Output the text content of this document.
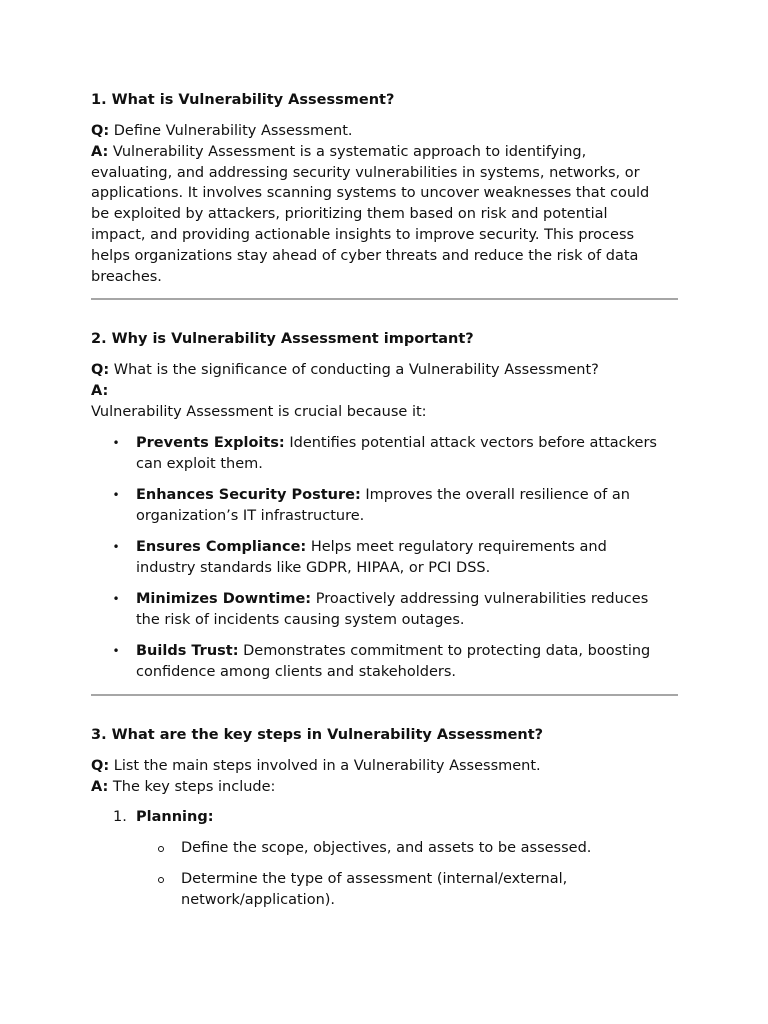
1. What is Vulnerability Assessment?

Q: Define Vulnerability Assessment.

A: Vulnerability Assessment is a systematic approach to identifying,

evaluating, and addressing security vulnerabilities in systems, networks, or

applications. It involves scanning systems to uncover weaknesses that could

be exploited by attackers, prioritizing them based on risk and potential

impact, and providing actionable insights to improve security. This process

helps organizations stay ahead of cyber threats and reduce the risk of data

breaches.

2. Why is Vulnerability Assessment important?

Q: What is the significance of conducting a Vulnerability Assessment?

A:

Vulnerability Assessment is crucial because it:

• Prevents Exploits: Identifies potential attack vectors before attackers
can exploit them.
• Enhances Security Posture: Improves the overall resilience of an
organization’s IT infrastructure.
• Ensures Compliance: Helps meet regulatory requirements and
industry standards like GDPR, HIPAA, or PCI DSS.
• Minimizes Downtime: Proactively addressing vulnerabilities reduces
the risk of incidents causing system outages.
• Builds Trust: Demonstrates commitment to protecting data, boosting
confidence among clients and stakeholders.

3. What are the key steps in Vulnerability Assessment?

Q: List the main steps involved in a Vulnerability Assessment.

A: The key steps include:

1. Planning:
Define the scope, objectives, and assets to be assessed.
Determine the type of assessment (internal/external,
network/application).
